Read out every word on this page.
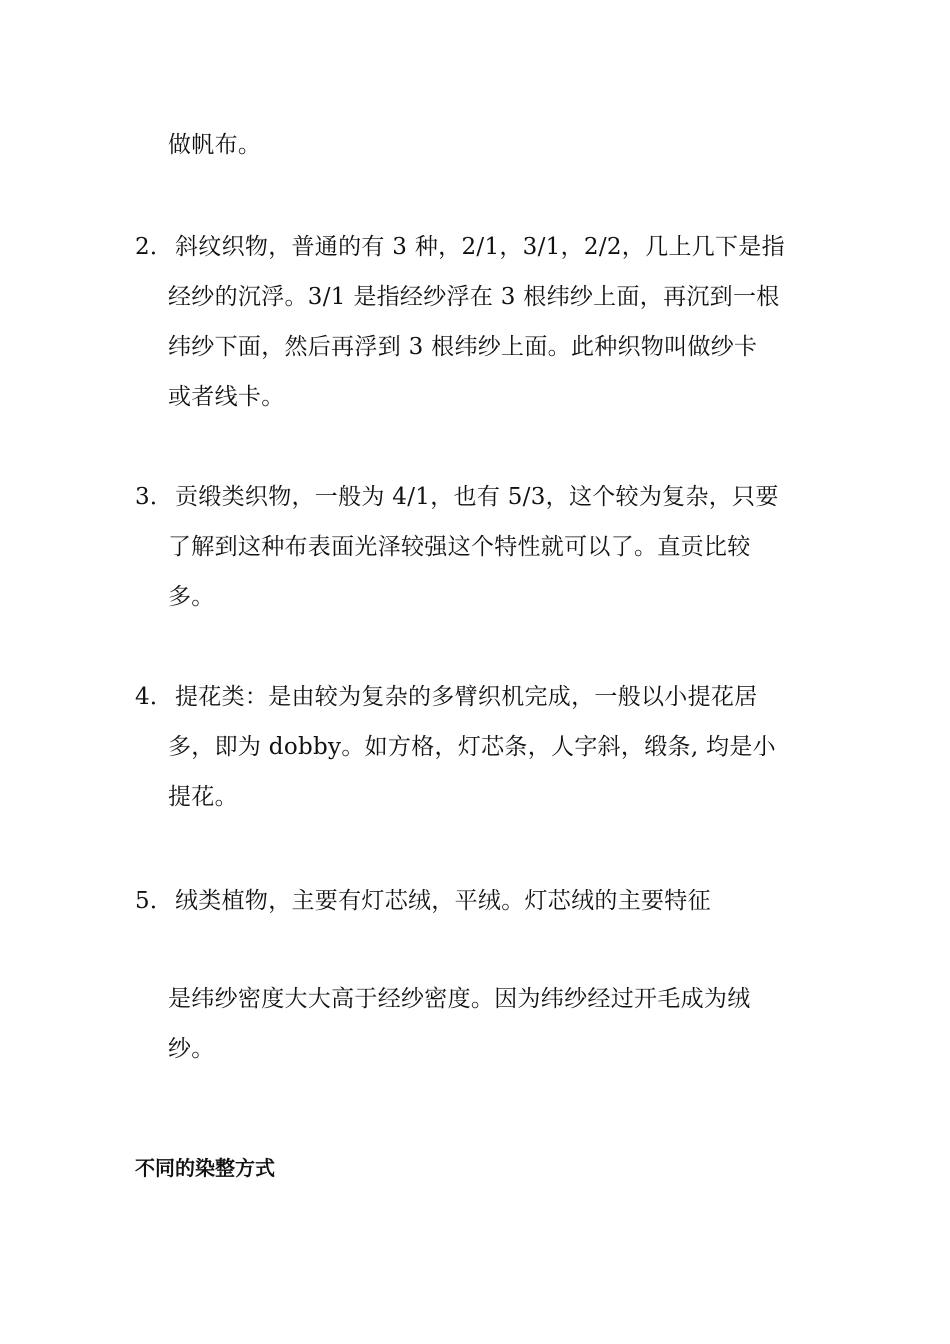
做帆布。
2． 斜纹织物，普通的有 3 种，2/1，3/1，2/2，几上几下是指
经纱的沉浮。3/1 是指经纱浮在 3 根纬纱上面，再沉到一根
纬纱下面，然后再浮到 3 根纬纱上面。此种织物叫做纱卡
或者线卡。
3． 贡缎类织物，一般为 4/1，也有 5/3，这个较为复杂，只要
了解到这种布表面光泽较强这个特性就可以了。直贡比较
多。
4． 提花类：是由较为复杂的多臂织机完成，一般以小提花居
多，即为 dobby。如方格，灯芯条，人字斜，缎条, 均是小
提花。
5． 绒类植物，主要有灯芯绒，平绒。灯芯绒的主要特征
是纬纱密度大大高于经纱密度。因为纬纱经过开毛成为绒
纱。
不同的染整方式
